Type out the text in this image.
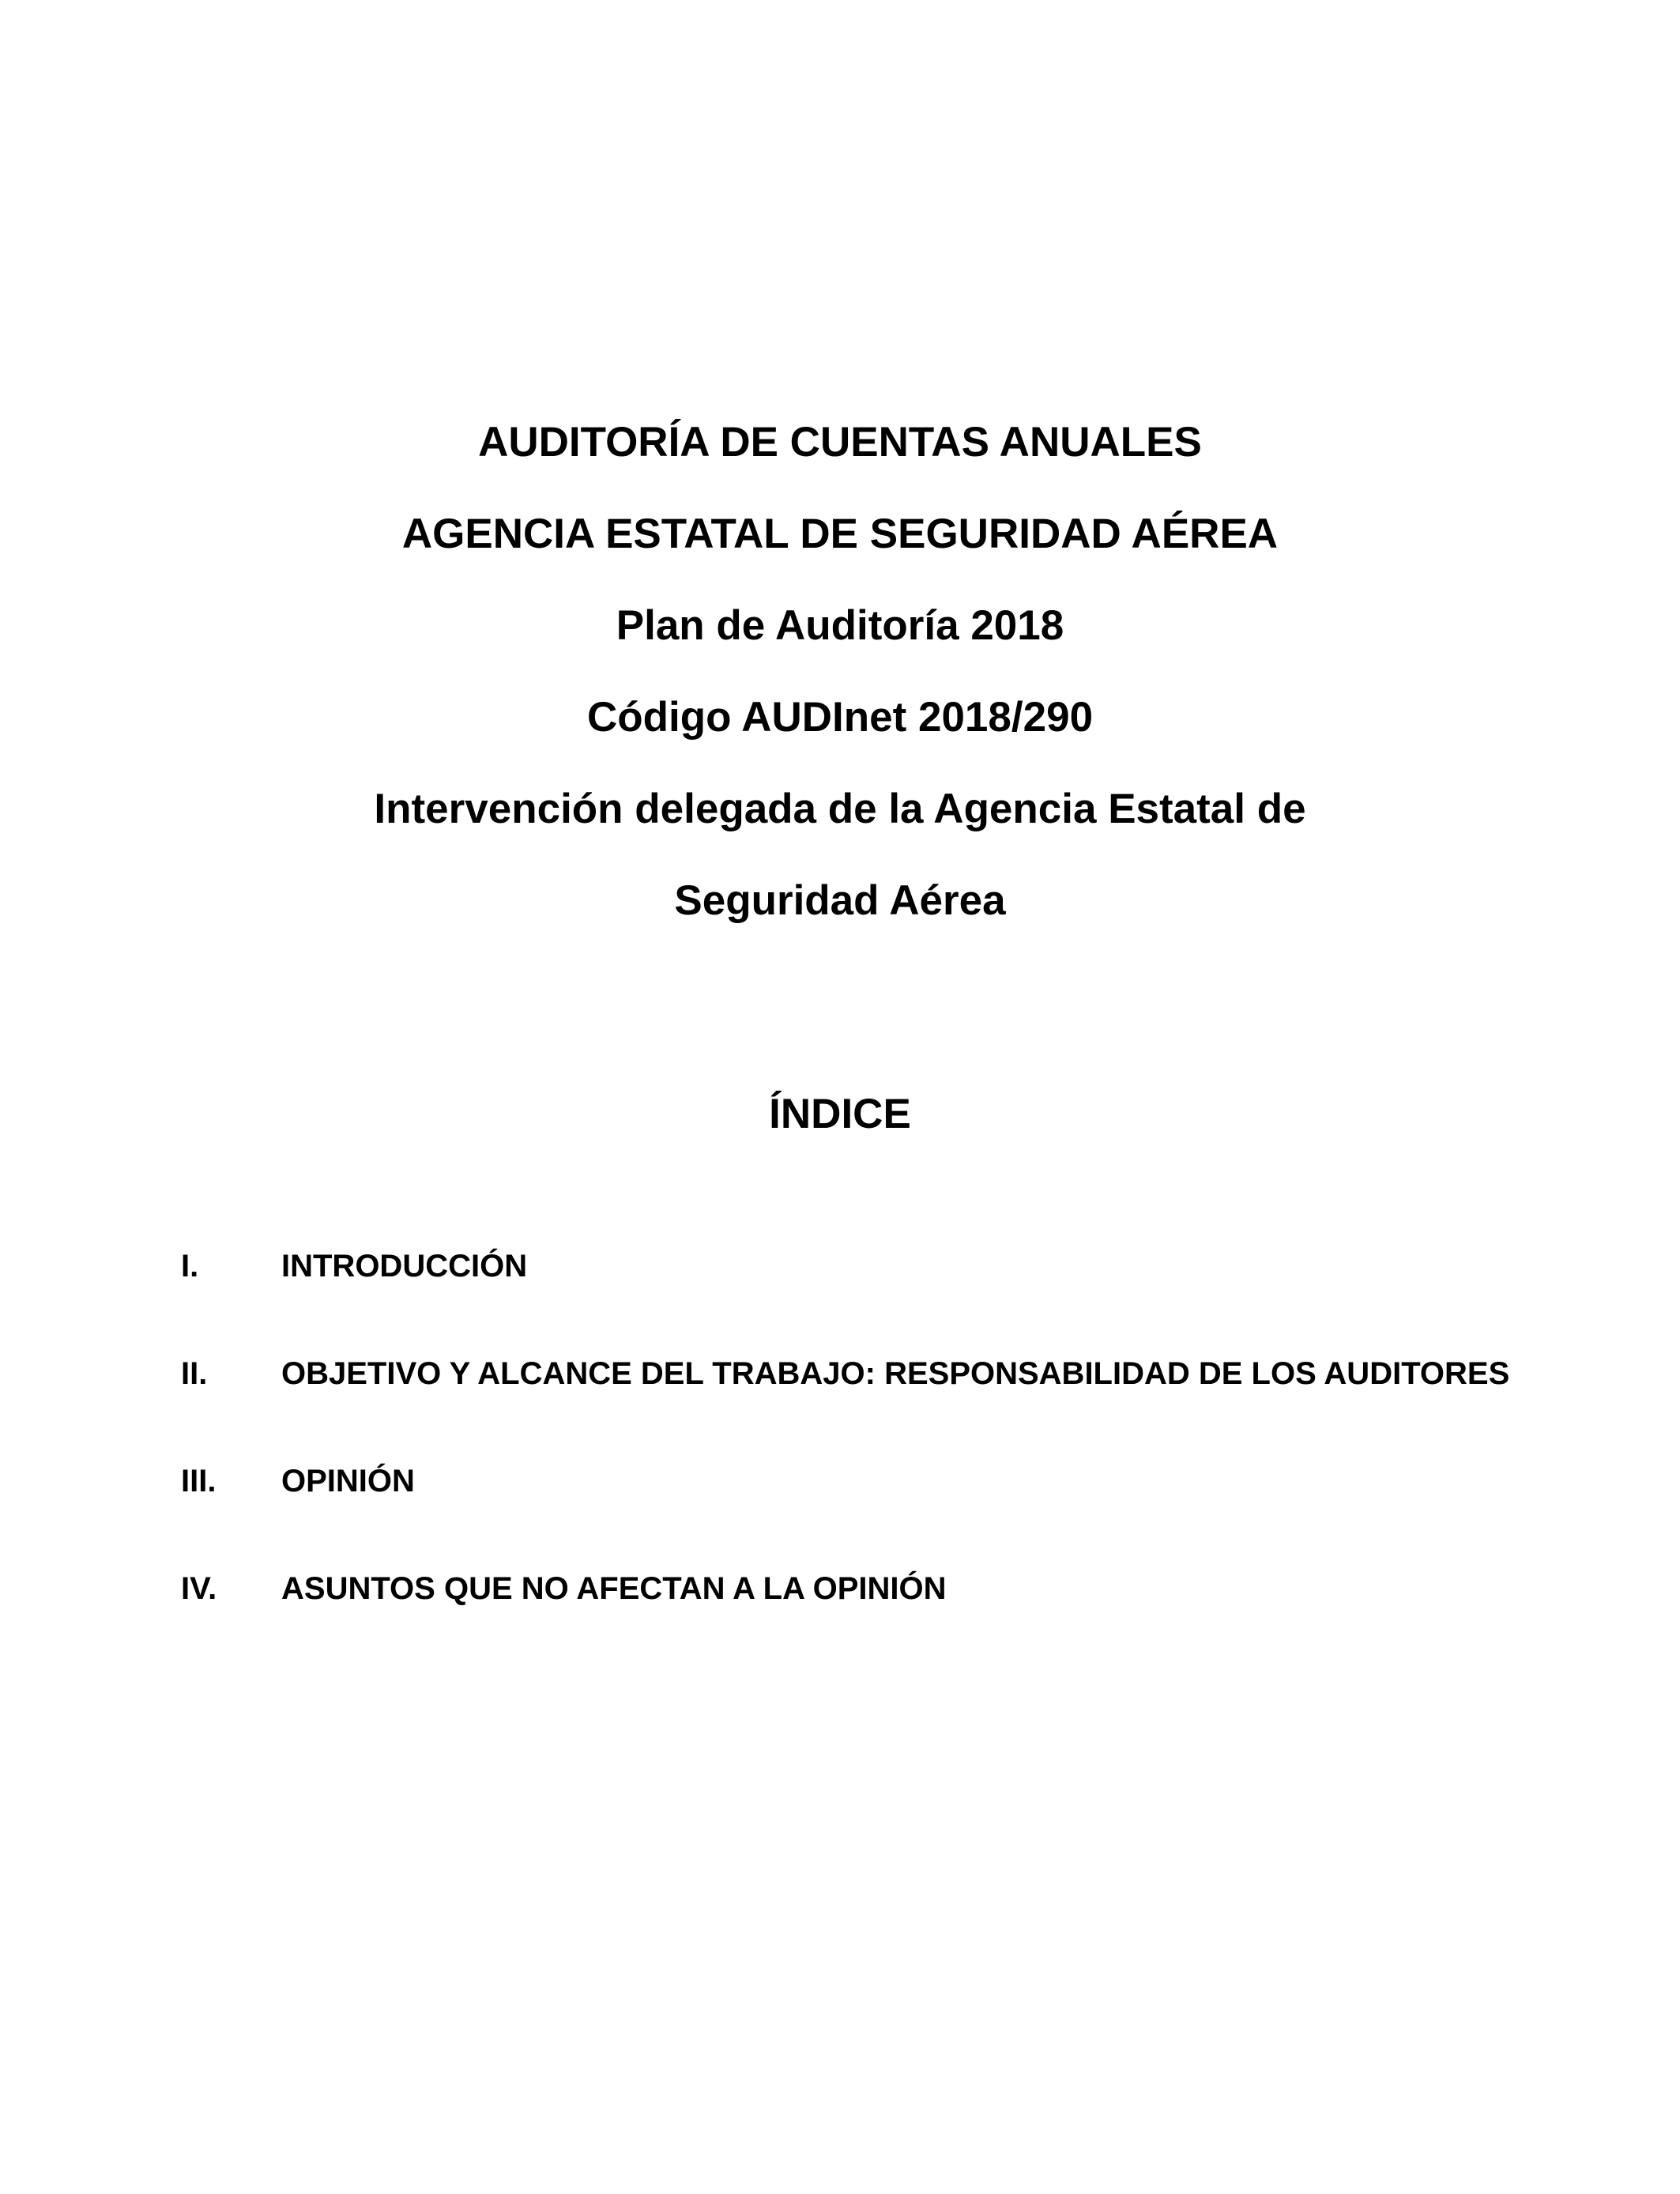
AUDITORÍA DE CUENTAS ANUALES
AGENCIA ESTATAL DE SEGURIDAD AÉREA
Plan de Auditoría 2018
Código AUDInet 2018/290
Intervención delegada de la Agencia Estatal de
Seguridad Aérea
ÍNDICE
I.	INTRODUCCIÓN
II. OBJETIVO Y ALCANCE DEL TRABAJO: RESPONSABILIDAD DE LOS AUDITORES
III. OPINIÓN
IV. ASUNTOS QUE NO AFECTAN A LA OPINIÓN
